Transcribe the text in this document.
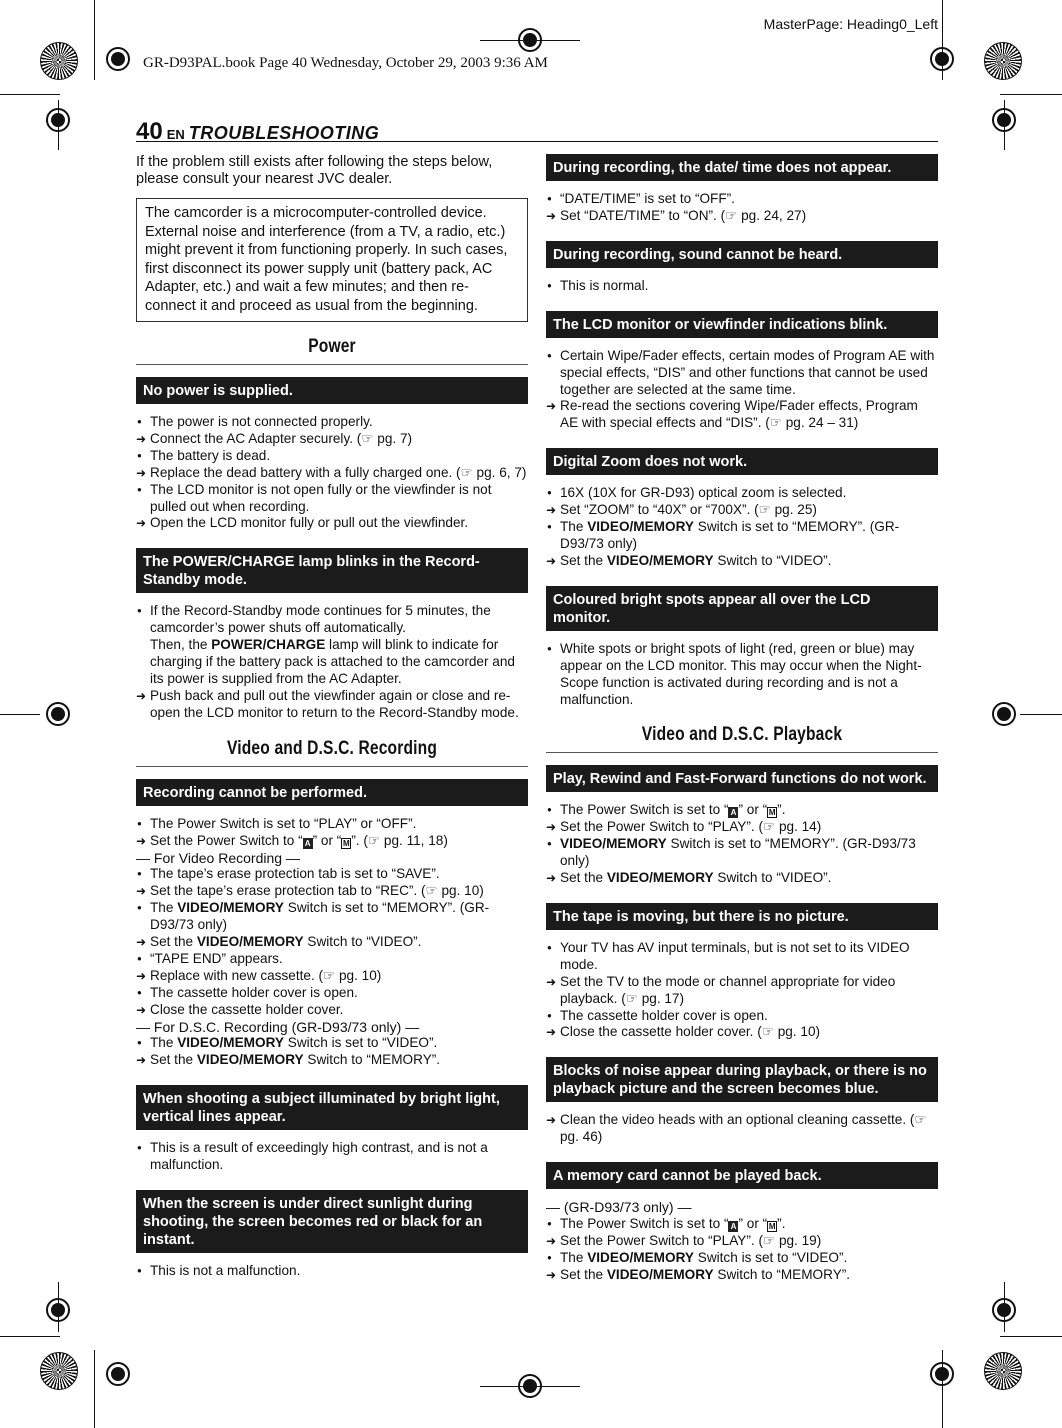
MasterPage: Heading0_Left
GR-D93PAL.book Page 40 Wednesday, October 29, 2003 9:36 AM
40 EN TROUBLESHOOTING

If the problem still exists after following the steps below, please consult your nearest JVC dealer.

The camcorder is a microcomputer-controlled device. External noise and interference (from a TV, a radio, etc.) might prevent it from functioning properly. In such cases, first disconnect its power supply unit (battery pack, AC Adapter, etc.) and wait a few minutes; and then re-connect it and proceed as usual from the beginning.
Power
No power is supplied.
● The power is not connected properly.
➜ Connect the AC Adapter securely. (☞ pg. 7)
● The battery is dead.
➜ Replace the dead battery with a fully charged one. (☞ pg. 6, 7)
● The LCD monitor is not open fully or the viewfinder is not pulled out when recording.
➜ Open the LCD monitor fully or pull out the viewfinder.
The POWER/CHARGE lamp blinks in the Record-Standby mode.
● If the Record-Standby mode continues for 5 minutes, the camcorder’s power shuts off automatically.
Then, the POWER/CHARGE lamp will blink to indicate for charging if the battery pack is attached to the camcorder and its power is supplied from the AC Adapter.
➜ Push back and pull out the viewfinder again or close and re-open the LCD monitor to return to the Record-Standby mode.
Video and D.S.C. Recording
Recording cannot be performed.
● The Power Switch is set to “PLAY” or “OFF”.
➜ Set the Power Switch to “ A ” or “ M ”. (☞ pg. 11, 18)
— For Video Recording —
● The tape’s erase protection tab is set to “SAVE”.
➜ Set the tape’s erase protection tab to “REC”. (☞ pg. 10)
● The VIDEO/MEMORY Switch is set to “MEMORY”. (GR-D93/73 only)
➜ Set the VIDEO/MEMORY Switch to “VIDEO”.
● “TAPE END” appears.
➜ Replace with new cassette. (☞ pg. 10)
● The cassette holder cover is open.
➜ Close the cassette holder cover.
— For D.S.C. Recording (GR-D93/73 only) —
● The VIDEO/MEMORY Switch is set to “VIDEO”.
➜ Set the VIDEO/MEMORY Switch to “MEMORY”.
When shooting a subject illuminated by bright light, vertical lines appear.
● This is a result of exceedingly high contrast, and is not a malfunction.
When the screen is under direct sunlight during shooting, the screen becomes red or black for an instant.
● This is not a malfunction.
During recording, the date/ time does not appear.
● “DATE/TIME” is set to “OFF”.
➜ Set “DATE/TIME” to “ON”. (☞ pg. 24, 27)
During recording, sound cannot be heard.
● This is normal.
The LCD monitor or viewfinder indications blink.
● Certain Wipe/Fader effects, certain modes of Program AE with special effects, “DIS” and other functions that cannot be used together are selected at the same time.
➜ Re-read the sections covering Wipe/Fader effects, Program AE with special effects and “DIS”. (☞ pg. 24 – 31)
Digital Zoom does not work.
● 16X (10X for GR-D93) optical zoom is selected.
➜ Set “ZOOM” to “40X” or “700X”. (☞ pg. 25)
● The VIDEO/MEMORY Switch is set to “MEMORY”. (GR-D93/73 only)
➜ Set the VIDEO/MEMORY Switch to “VIDEO”.
Coloured bright spots appear all over the LCD monitor.
● White spots or bright spots of light (red, green or blue) may appear on the LCD monitor. This may occur when the Night-Scope function is activated during recording and is not a malfunction.
Video and D.S.C. Playback
Play, Rewind and Fast-Forward functions do not work.
● The Power Switch is set to “ A ” or “ M ”.
➜ Set the Power Switch to “PLAY”. (☞ pg. 14)
● VIDEO/MEMORY Switch is set to “MEMORY”. (GR-D93/73 only)
➜ Set the VIDEO/MEMORY Switch to “VIDEO”.
The tape is moving, but there is no picture.
● Your TV has AV input terminals, but is not set to its VIDEO mode.
➜ Set the TV to the mode or channel appropriate for video playback. (☞ pg. 17)
● The cassette holder cover is open.
➜ Close the cassette holder cover. (☞ pg. 10)
Blocks of noise appear during playback, or there is no playback picture and the screen becomes blue.
➜ Clean the video heads with an optional cleaning cassette. (☞ pg. 46)
A memory card cannot be played back.
— (GR-D93/73 only) —
● The Power Switch is set to “ A ” or “ M ”.
➜ Set the Power Switch to “PLAY”. (☞ pg. 19)
● The VIDEO/MEMORY Switch is set to “VIDEO”.
➜ Set the VIDEO/MEMORY Switch to “MEMORY”.
